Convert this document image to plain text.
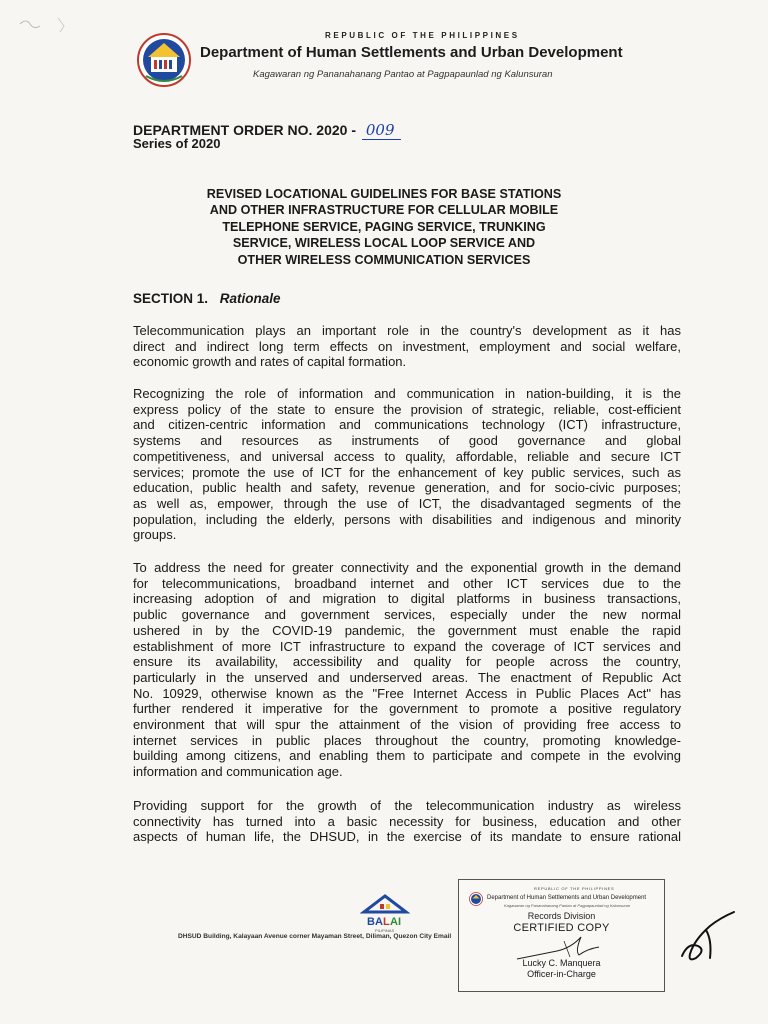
REPUBLIC OF THE PHILIPPINES
Department of Human Settlements and Urban Development
Kagawaran ng Pananahanang Pantao at Pagpapaunlad ng Kalunsuran
DEPARTMENT ORDER NO. 2020 - 009
Series of 2020
REVISED LOCATIONAL GUIDELINES FOR BASE STATIONS
AND OTHER INFRASTRUCTURE FOR CELLULAR MOBILE
TELEPHONE SERVICE, PAGING SERVICE, TRUNKING
SERVICE, WIRELESS LOCAL LOOP SERVICE AND
OTHER WIRELESS COMMUNICATION SERVICES
SECTION 1. Rationale
Telecommunication plays an important role in the country's development as it has
direct and indirect long term effects on investment, employment and social welfare,
economic growth and rates of capital formation.
Recognizing the role of information and communication in nation-building, it is the
express policy of the state to ensure the provision of strategic, reliable, cost-efficient
and citizen-centric information and communications technology (ICT) infrastructure,
systems and resources as instruments of good governance and global
competitiveness, and universal access to quality, affordable, reliable and secure ICT
services; promote the use of ICT for the enhancement of key public services, such as
education, public health and safety, revenue generation, and for socio-civic purposes;
as well as, empower, through the use of ICT, the disadvantaged segments of the
population, including the elderly, persons with disabilities and indigenous and minority
groups.
To address the need for greater connectivity and the exponential growth in the demand
for telecommunications, broadband internet and other ICT services due to the
increasing adoption of and migration to digital platforms in business transactions,
public governance and government services, especially under the new normal
ushered in by the COVID-19 pandemic, the government must enable the rapid
establishment of more ICT infrastructure to expand the coverage of ICT services and
ensure its availability, accessibility and quality for people across the country,
particularly in the unserved and underserved areas. The enactment of Republic Act
No. 10929, otherwise known as the "Free Internet Access in Public Places Act" has
further rendered it imperative for the government to promote a positive regulatory
environment that will spur the attainment of the vision of providing free access to
internet services in public places throughout the country, promoting knowledge-
building among citizens, and enabling them to participate and compete in the evolving
information and communication age.
Providing support for the growth of the telecommunication industry as wireless
connectivity has turned into a basic necessity for business, education and other
aspects of human life, the DHSUD, in the exercise of its mandate to ensure rational
BA L AI
PILIPINAS
DHSUD Building, Kalayaan Avenue corner Mayaman Street, Diliman, Quezon City Email
REPUBLIC OF THE PHILIPPINES
Department of Human Settlements and Urban Development
Kagawaran ng Pananahanang Pantao at Pagpapaunlad ng Kalunsuran
Records Division
CERTIFIED COPY
Lucky C. Manquera
Officer-in-Charge
